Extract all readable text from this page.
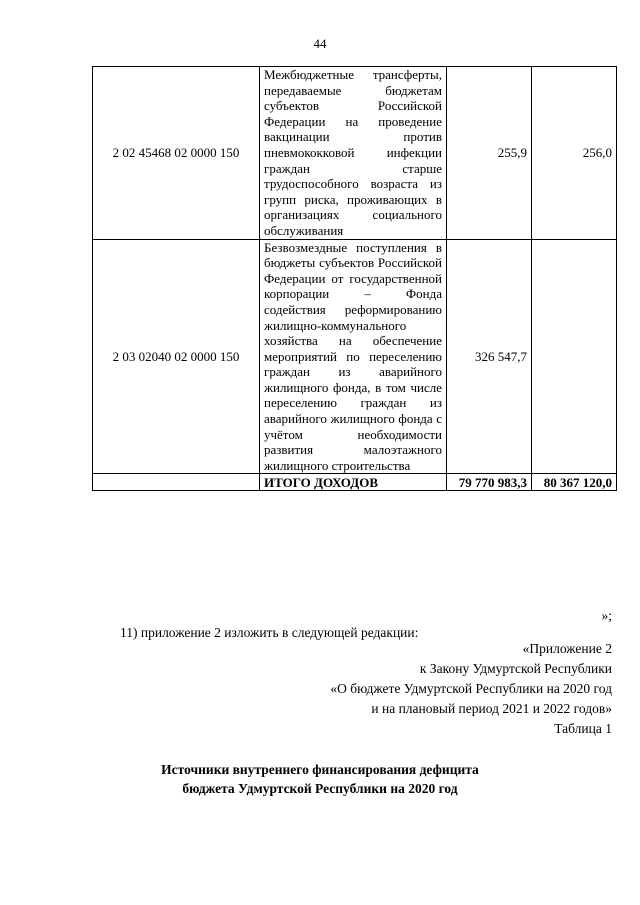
44
2 02 45468 02 0000 150	Межбюджетные трансферты, передаваемые бюджетам субъектов Российской Федерации на проведение вакцинации против пневмококковой инфекции граждан старше трудоспособного возраста из групп риска, проживающих в организациях социального обслуживания	255,9	256,0
2 03 02040 02 0000 150	Безвозмездные поступления в бюджеты субъектов Российской Федерации от государственной корпорации – Фонда содействия реформированию жилищно-коммунального хозяйства на обеспечение мероприятий по переселению граждан из аварийного жилищного фонда, в том числе переселению граждан из аварийного жилищного фонда с учётом необходимости развития малоэтажного жилищного строительства	326 547,7	
	ИТОГО ДОХОДОВ	79 770 983,3	80 367 120,0
»;
11) приложение 2 изложить в следующей редакции:
«Приложение 2
к Закону Удмуртской Республики
«О бюджете Удмуртской Республики на 2020 год
и на плановый период 2021 и 2022 годов»
Таблица 1
Источники внутреннего финансирования дефицита
бюджета Удмуртской Республики на 2020 год
